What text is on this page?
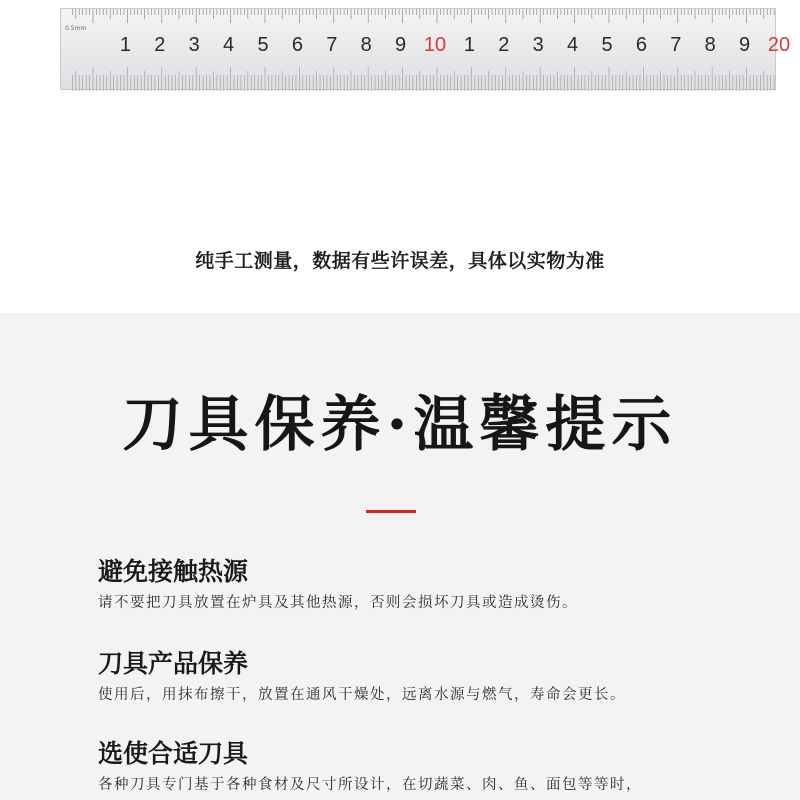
0.5mm
1 2 3 4 5 6 7 8 9 10 1 2 3 4 5 6 7 8 9 20
纯手工测量，数据有些许误差，具体以实物为准
刀具保养·温馨提示
避免接触热源
请不要把刀具放置在炉具及其他热源，否则会损坏刀具或造成烫伤。
刀具产品保养
使用后，用抹布擦干，放置在通风干燥处，远离水源与燃气，寿命会更长。
选使合适刀具
各种刀具专门基于各种食材及尺寸所设计，在切蔬菜、肉、鱼、面包等等时，
